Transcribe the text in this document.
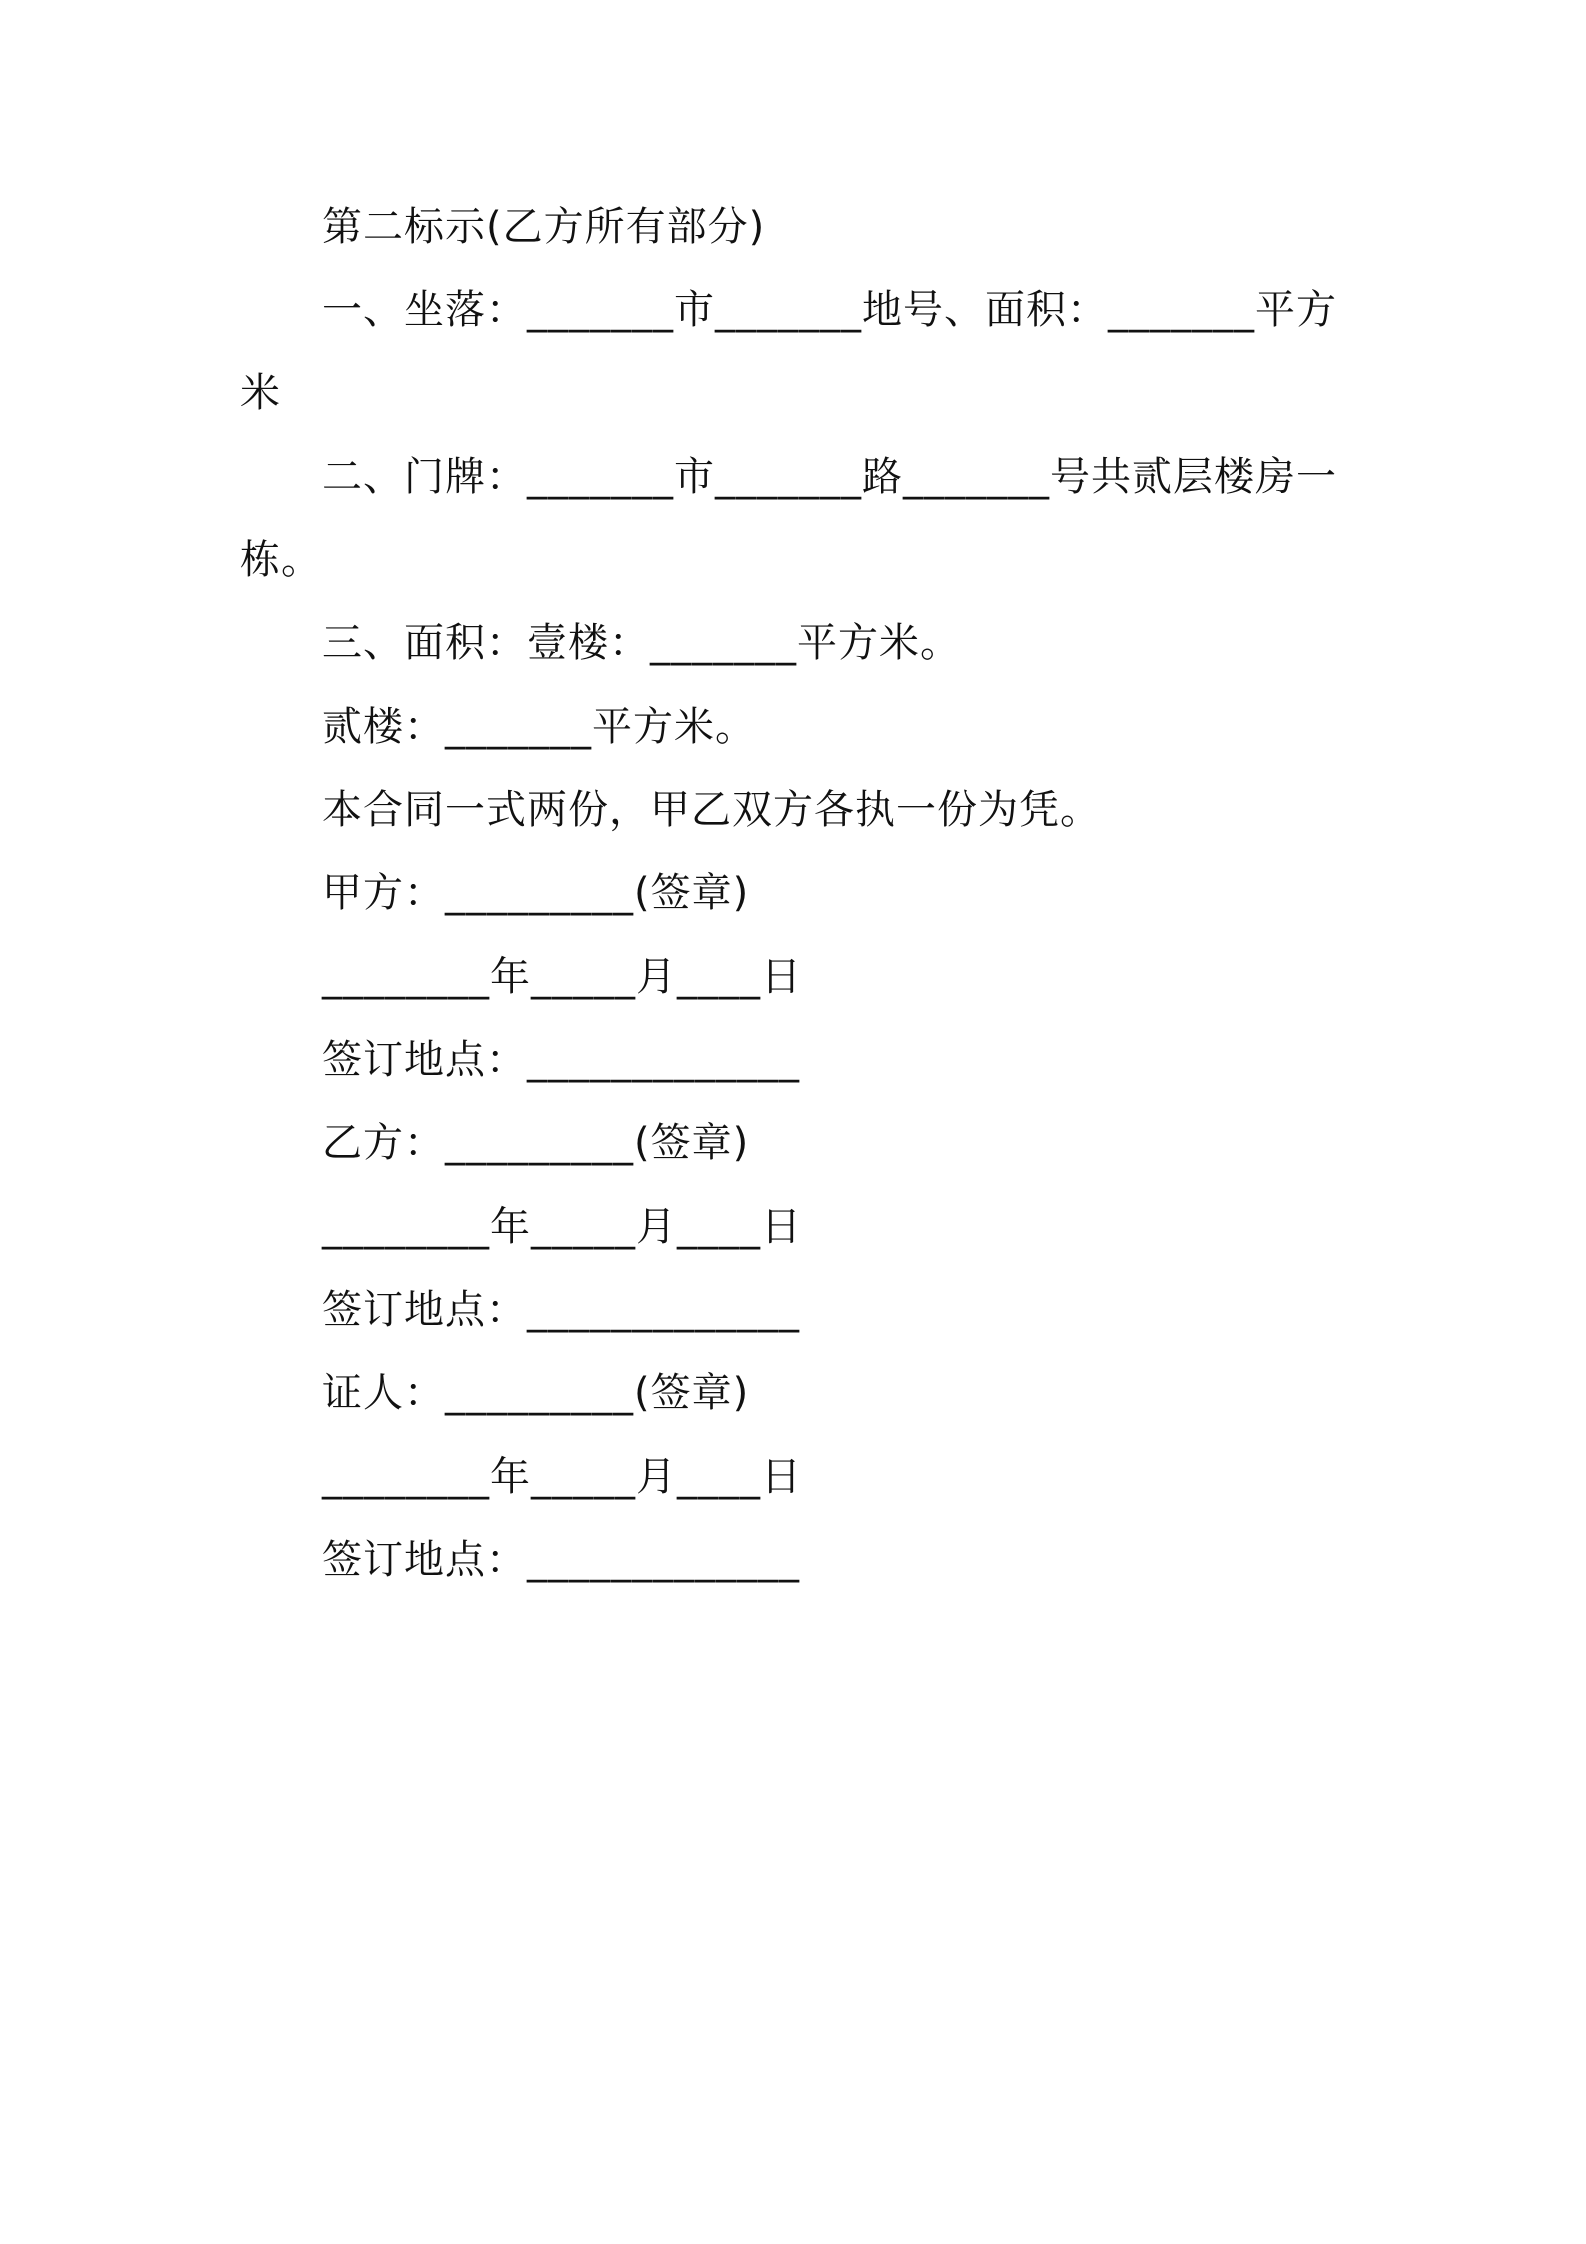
第二标示(乙方所有部分)

一、坐落：_______市_______地号、面积：_______平方

米

二、门牌：_______市_______路_______号共贰层楼房一

栋。

三、面积：壹楼：_______平方米。

贰楼：_______平方米。

本合同一式两份，甲乙双方各执一份为凭。

甲方：_________(签章)

________年_____月____日

签订地点：_____________

乙方：_________(签章)

________年_____月____日

签订地点：_____________

证人：_________(签章)

________年_____月____日

签订地点：_____________
